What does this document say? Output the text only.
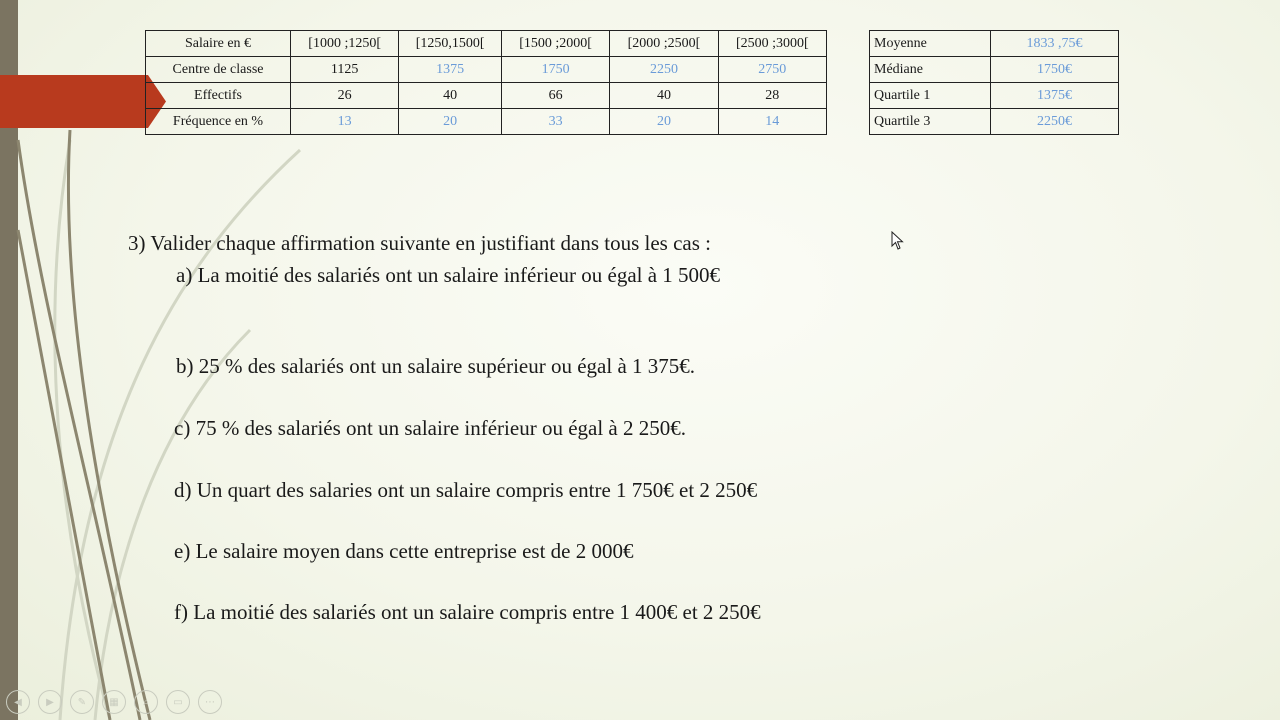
Salaire en €	[1000 ;1250[	[1250,1500[	[1500 ;2000[	[2000 ;2500[	[2500 ;3000[
Centre de classe	1125	1375	1750	2250	2750
Effectifs	26	40	66	40	28
Fréquence en %	13	20	33	20	14
Moyenne	1833 ,75€
Médiane	1750€
Quartile 1	1375€
Quartile 3	2250€
3) Valider chaque affirmation suivante en justifiant dans tous les cas :
a) La moitié des salariés ont un salaire inférieur ou égal à 1 500€
b) 25 % des salariés ont un salaire supérieur ou égal à 1 375€.
c) 75 % des salariés ont un salaire inférieur ou égal à 2 250€.
d) Un quart des salaries ont un salaire compris entre 1 750€ et 2 250€
e) Le salaire moyen dans cette entreprise est de 2 000€
f) La moitié des salariés ont un salaire compris entre 1 400€ et 2 250€
◀	▶	✎	▦	⌕	▭	⋯
